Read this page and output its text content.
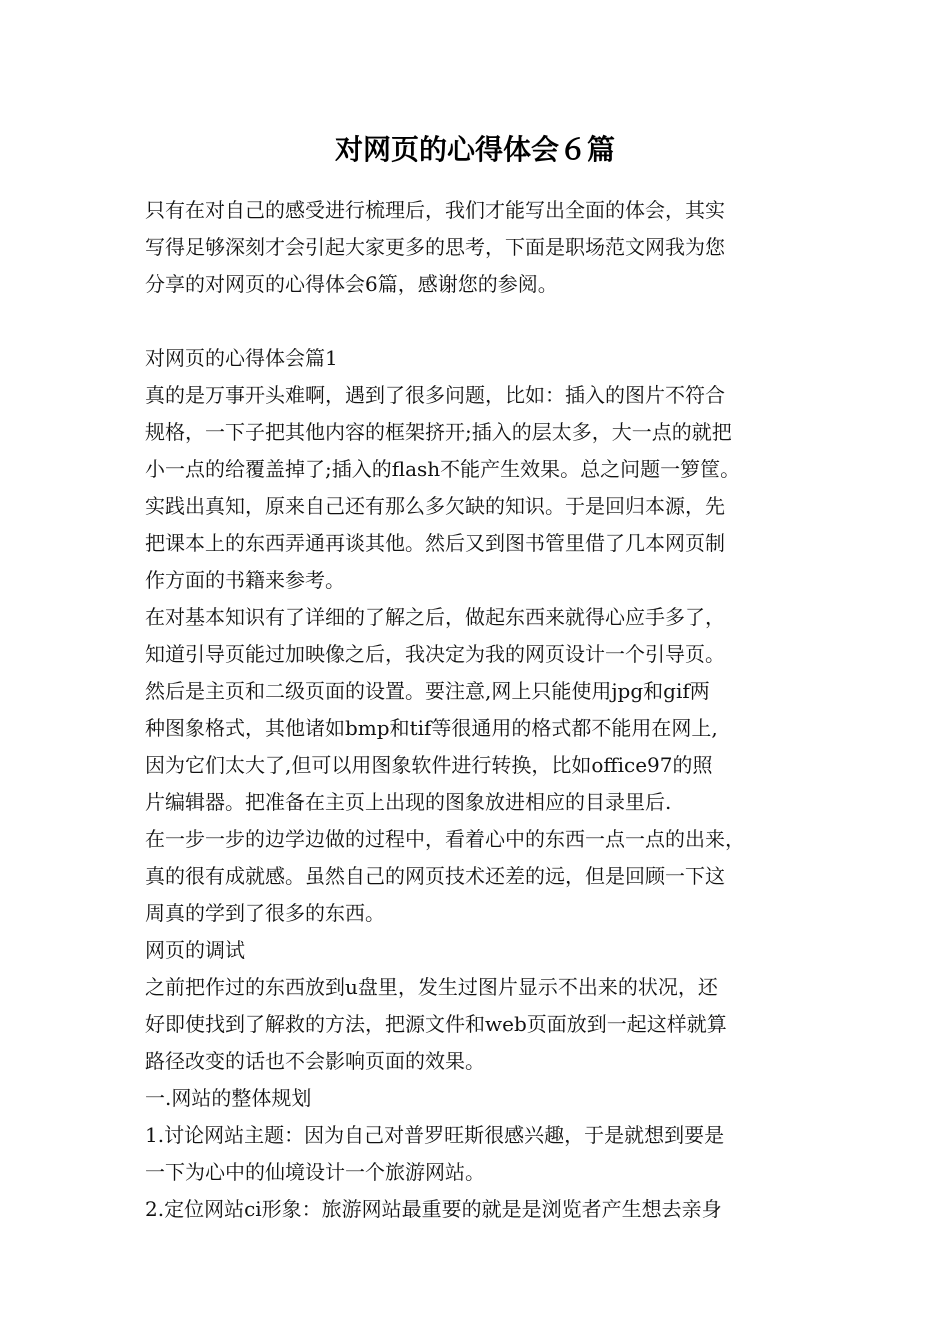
对网页的心得体会６篇
只有在对自己的感受进行梳理后，我们才能写出全面的体会，其实
写得足够深刻才会引起大家更多的思考，下面是职场范文网我为您
分享的对网页的心得体会6篇，感谢您的参阅。
对网页的心得体会篇1
真的是万事开头难啊，遇到了很多问题，比如：插入的图片不符合
规格，一下子把其他内容的框架挤开;插入的层太多，大一点的就把
小一点的给覆盖掉了;插入的flash不能产生效果。总之问题一箩筐。
实践出真知，原来自己还有那么多欠缺的知识。于是回归本源，先
把课本上的东西弄通再谈其他。然后又到图书管里借了几本网页制
作方面的书籍来参考。
在对基本知识有了详细的了解之后，做起东西来就得心应手多了，
知道引导页能过加映像之后，我决定为我的网页设计一个引导页。
然后是主页和二级页面的设置。要注意,网上只能使用jpg和gif两
种图象格式，其他诸如bmp和tif等很通用的格式都不能用在网上,
因为它们太大了,但可以用图象软件进行转换，比如office97的照
片编辑器。把准备在主页上出现的图象放进相应的目录里后.
在一步一步的边学边做的过程中，看着心中的东西一点一点的出来，
真的很有成就感。虽然自己的网页技术还差的远，但是回顾一下这
周真的学到了很多的东西。
网页的调试
之前把作过的东西放到u盘里，发生过图片显示不出来的状况，还
好即使找到了解救的方法，把源文件和web页面放到一起这样就算
路径改变的话也不会影响页面的效果。
一.网站的整体规划
1.讨论网站主题：因为自己对普罗旺斯很感兴趣，于是就想到要是
一下为心中的仙境设计一个旅游网站。
2.定位网站ci形象：旅游网站最重要的就是是浏览者产生想去亲身
